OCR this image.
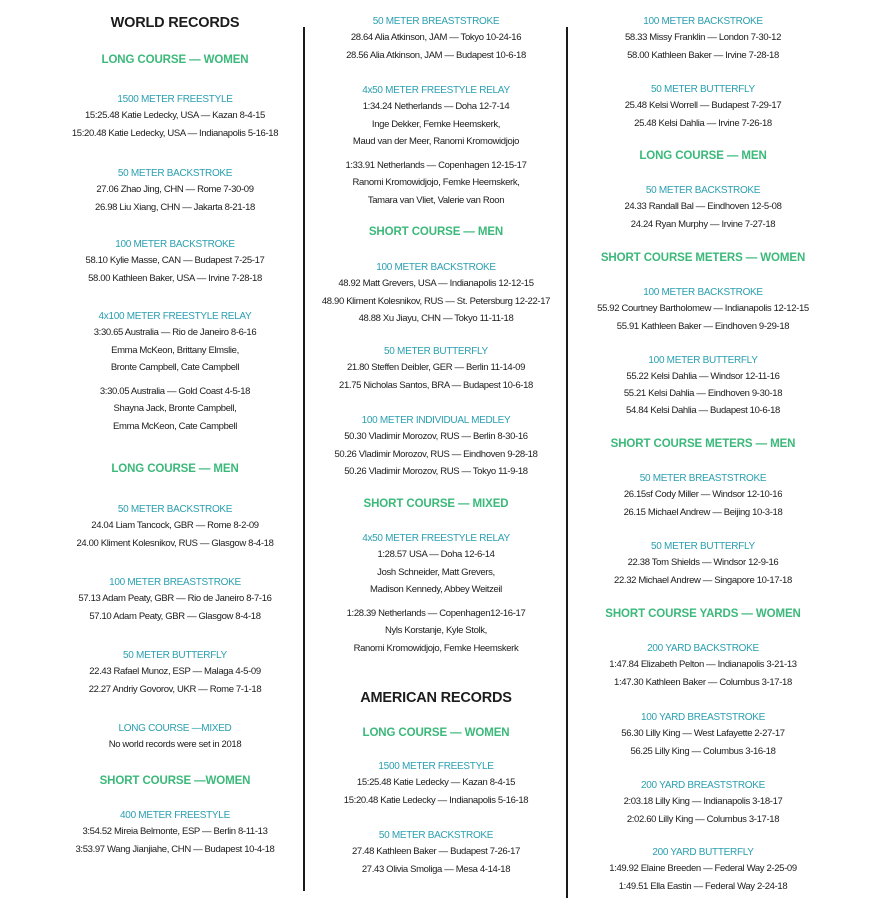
WORLD RECORDS
LONG COURSE — WOMEN
1500 METER FREESTYLE
15:25.48 Katie Ledecky, USA — Kazan 8-4-15
15:20.48 Katie Ledecky, USA — Indianapolis 5-16-18
50 METER BACKSTROKE
27.06 Zhao Jing, CHN — Rome 7-30-09
26.98 Liu Xiang, CHN — Jakarta 8-21-18
100 METER BACKSTROKE
58.10 Kylie Masse, CAN — Budapest 7-25-17
58.00 Kathleen Baker, USA — Irvine 7-28-18
4x100 METER FREESTYLE RELAY
3:30.65 Australia — Rio de Janeiro 8-6-16
Emma McKeon, Brittany Elmslie,
Bronte Campbell, Cate Campbell
3:30.05 Australia — Gold Coast 4-5-18
Shayna Jack, Bronte Campbell,
Emma McKeon, Cate Campbell
LONG COURSE — MEN
50 METER BACKSTROKE
24.04 Liam Tancock, GBR — Rome 8-2-09
24.00 Kliment Kolesnikov, RUS — Glasgow 8-4-18
100 METER BREASTSTROKE
57.13 Adam Peaty, GBR — Rio de Janeiro 8-7-16
57.10 Adam Peaty, GBR — Glasgow 8-4-18
50 METER BUTTERFLY
22.43 Rafael Munoz, ESP — Malaga 4-5-09
22.27 Andriy Govorov, UKR — Rome 7-1-18
LONG COURSE —MIXED
No world records were set in 2018
SHORT COURSE —WOMEN
400 METER FREESTYLE
3:54.52 Mireia Belmonte, ESP — Berlin 8-11-13
3:53.97 Wang Jianjiahe, CHN — Budapest 10-4-18
50 METER BREASTSTROKE
28.64 Alia Atkinson, JAM — Tokyo 10-24-16
28.56 Alia Atkinson, JAM — Budapest 10-6-18
4x50 METER FREESTYLE RELAY
1:34.24 Netherlands — Doha 12-7-14
Inge Dekker, Femke Heemskerk,
Maud van der Meer, Ranomi Kromowidjojo
1:33.91 Netherlands — Copenhagen 12-15-17
Ranomi Kromowidjojo, Femke Heemskerk,
Tamara van Vliet, Valerie van Roon
SHORT COURSE — MEN
100 METER BACKSTROKE
48.92 Matt Grevers, USA — Indianapolis 12-12-15
48.90 Kliment Kolesnikov, RUS — St. Petersburg 12-22-17
48.88 Xu Jiayu, CHN — Tokyo 11-11-18
50 METER BUTTERFLY
21.80 Steffen Deibler, GER — Berlin 11-14-09
21.75 Nicholas Santos, BRA — Budapest 10-6-18
100 METER INDIVIDUAL MEDLEY
50.30 Vladimir Morozov, RUS — Berlin 8-30-16
50.26 Vladimir Morozov, RUS — Eindhoven 9-28-18
50.26 Vladimir Morozov, RUS — Tokyo 11-9-18
SHORT COURSE — MIXED
4x50 METER FREESTYLE RELAY
1:28.57 USA — Doha 12-6-14
Josh Schneider, Matt Grevers,
Madison Kennedy, Abbey Weitzeil
1:28.39 Netherlands — Copenhagen12-16-17
Nyls Korstanje, Kyle Stolk,
Ranomi Kromowidjojo, Femke Heemskerk
AMERICAN RECORDS
LONG COURSE — WOMEN
1500 METER FREESTYLE
15:25.48 Katie Ledecky — Kazan 8-4-15
15:20.48 Katie Ledecky — Indianapolis 5-16-18
50 METER BACKSTROKE
27.48 Kathleen Baker — Budapest 7-26-17
27.43 Olivia Smoliga — Mesa 4-14-18
100 METER BACKSTROKE
58.33 Missy Franklin — London 7-30-12
58.00 Kathleen Baker — Irvine 7-28-18
50 METER BUTTERFLY
25.48 Kelsi Worrell — Budapest 7-29-17
25.48 Kelsi Dahlia — Irvine 7-26-18
LONG COURSE — MEN
50 METER BACKSTROKE
24.33 Randall Bal — Eindhoven 12-5-08
24.24 Ryan Murphy — Irvine 7-27-18
SHORT COURSE METERS — WOMEN
100 METER BACKSTROKE
55.92 Courtney Bartholomew — Indianapolis 12-12-15
55.91 Kathleen Baker — Eindhoven 9-29-18
100 METER BUTTERFLY
55.22 Kelsi Dahlia — Windsor 12-11-16
55.21 Kelsi Dahlia — Eindhoven 9-30-18
54.84 Kelsi Dahlia — Budapest 10-6-18
SHORT COURSE METERS — MEN
50 METER BREASTSTROKE
26.15sf Cody Miller — Windsor 12-10-16
26.15 Michael Andrew — Beijing 10-3-18
50 METER BUTTERFLY
22.38 Tom Shields — Windsor 12-9-16
22.32 Michael Andrew — Singapore 10-17-18
SHORT COURSE YARDS — WOMEN
200 YARD BACKSTROKE
1:47.84 Elizabeth Pelton — Indianapolis 3-21-13
1:47.30 Kathleen Baker — Columbus 3-17-18
100 YARD BREASTSTROKE
56.30 Lilly King — West Lafayette 2-27-17
56.25 Lilly King — Columbus 3-16-18
200 YARD BREASTSTROKE
2:03.18 Lilly King — Indianapolis 3-18-17
2:02.60 Lilly King — Columbus 3-17-18
200 YARD BUTTERFLY
1:49.92 Elaine Breeden — Federal Way 2-25-09
1:49.51 Ella Eastin — Federal Way 2-24-18
